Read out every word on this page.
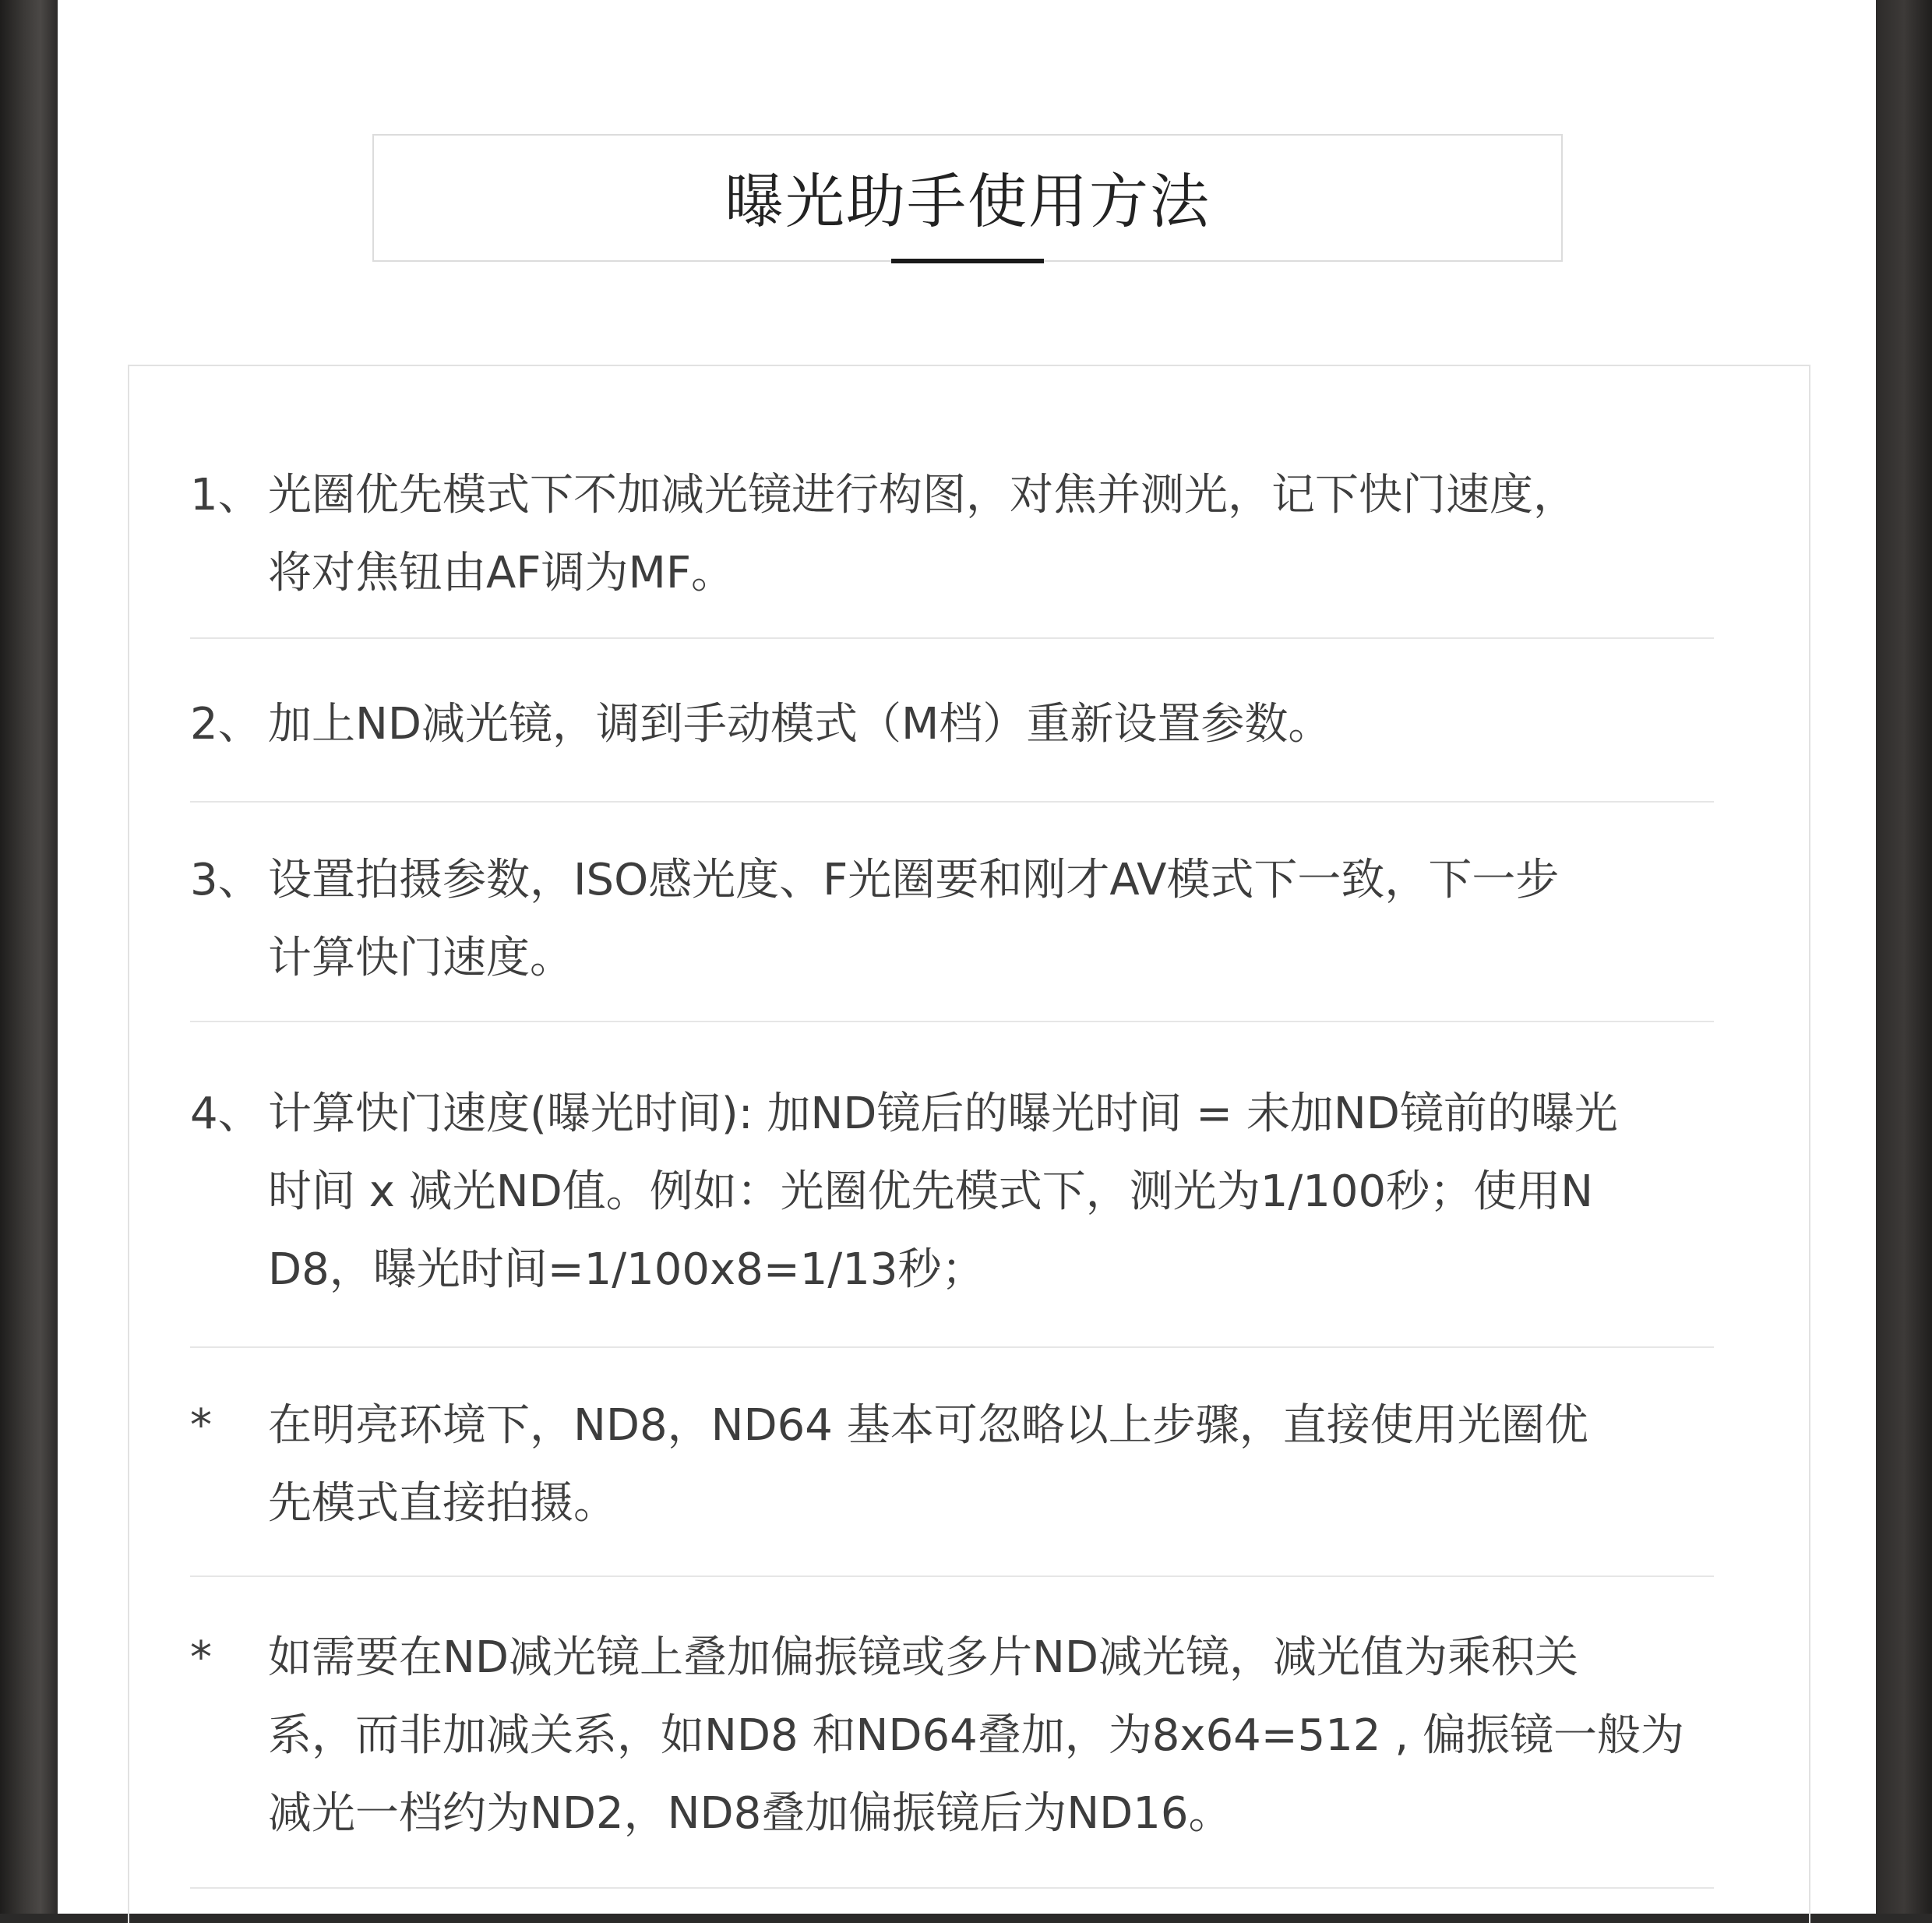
曝光助手使用方法
1、 光圈优先模式下不加减光镜进行构图，对焦并测光，记下快门速度，
将对焦钮由AF调为MF。
2、 加上ND减光镜，调到手动模式（M档）重新设置参数。
3、 设置拍摄参数，ISO感光度、F光圈要和刚才AV模式下一致，下一步
计算快门速度。
4、 计算快门速度(曝光时间): 加ND镜后的曝光时间 = 未加ND镜前的曝光
时间 x 减光ND值。例如：光圈优先模式下，测光为1/100秒；使用N
D8，曝光时间=1/100x8=1/13秒；
*	在明亮环境下，ND8，ND64 基本可忽略以上步骤，直接使用光圈优
先模式直接拍摄。
*	如需要在ND减光镜上叠加偏振镜或多片ND减光镜，减光值为乘积关
系，而非加减关系，如ND8 和ND64叠加，为8x64=512 , 偏振镜一般为
减光一档约为ND2，ND8叠加偏振镜后为ND16。
